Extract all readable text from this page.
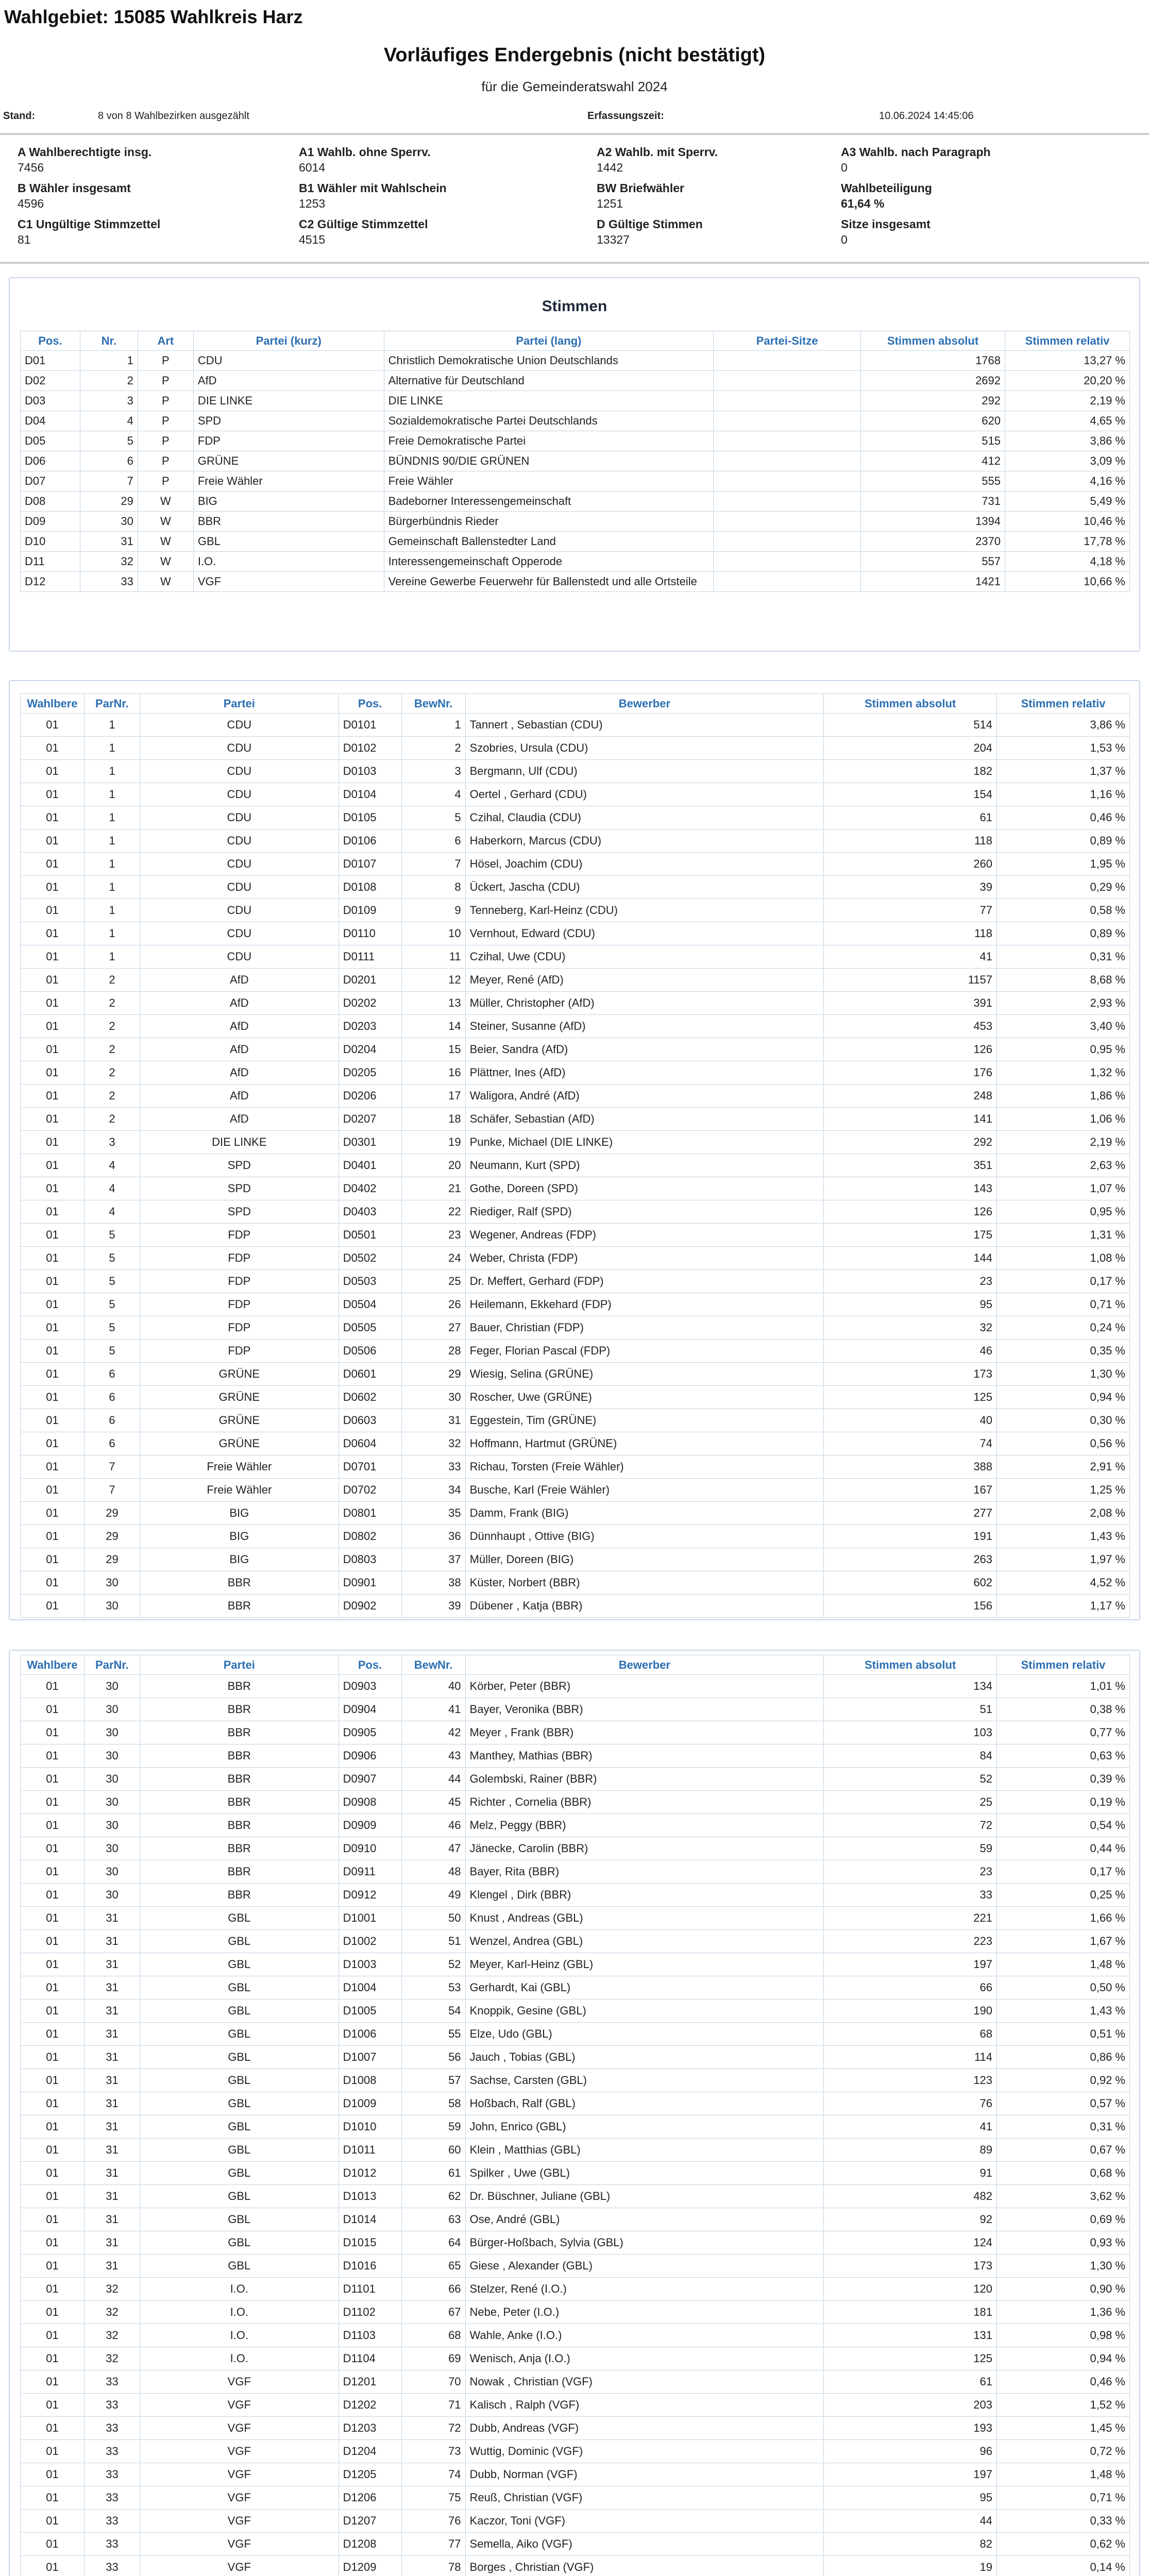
Wahlgebiet: 15085 Wahlkreis Harz
Vorläufiges Endergebnis (nicht bestätigt)
für die Gemeinderatswahl 2024
Stand:	8 von 8 Wahlbezirken ausgezählt	Erfassungszeit:	10.06.2024 14:45:06
A Wahlberechtigte insg.
7456
A1 Wahlb. ohne Sperrv.
6014
A2 Wahlb. mit Sperrv.
1442
A3 Wahlb. nach Paragraph
0
B Wähler insgesamt
4596
B1 Wähler mit Wahlschein
1253
BW Briefwähler
1251
Wahlbeteiligung
61,64 %
C1 Ungültige Stimmzettel
81
C2 Gültige Stimmzettel
4515
D Gültige Stimmen
13327
Sitze insgesamt
0
Stimmen
Pos.	Nr.	Art	Partei (kurz)	Partei (lang)	Partei-Sitze	Stimmen absolut	Stimmen relativ
D01	1	P	CDU	Christlich Demokratische Union Deutschlands		1768	13,27 %
D02	2	P	AfD	Alternative für Deutschland		2692	20,20 %
D03	3	P	DIE LINKE	DIE LINKE		292	2,19 %
D04	4	P	SPD	Sozialdemokratische Partei Deutschlands		620	4,65 %
D05	5	P	FDP	Freie Demokratische Partei		515	3,86 %
D06	6	P	GRÜNE	BÜNDNIS 90/DIE GRÜNEN		412	3,09 %
D07	7	P	Freie Wähler	Freie Wähler		555	4,16 %
D08	29	W	BIG	Badeborner Interessengemeinschaft		731	5,49 %
D09	30	W	BBR	Bürgerbündnis Rieder		1394	10,46 %
D10	31	W	GBL	Gemeinschaft Ballenstedter Land		2370	17,78 %
D11	32	W	I.O.	Interessengemeinschaft Opperode		557	4,18 %
D12	33	W	VGF	Vereine Gewerbe Feuerwehr für Ballenstedt und alle Ortsteile		1421	10,66 %
Wahlbere	ParNr.	Partei	Pos.	BewNr.	Bewerber	Stimmen absolut	Stimmen relativ
01	1	CDU	D0101	1	Tannert , Sebastian (CDU)	514	3,86 %
01	1	CDU	D0102	2	Szobries, Ursula (CDU)	204	1,53 %
01	1	CDU	D0103	3	Bergmann, Ulf (CDU)	182	1,37 %
01	1	CDU	D0104	4	Oertel , Gerhard (CDU)	154	1,16 %
01	1	CDU	D0105	5	Czihal, Claudia (CDU)	61	0,46 %
01	1	CDU	D0106	6	Haberkorn, Marcus (CDU)	118	0,89 %
01	1	CDU	D0107	7	Hösel, Joachim (CDU)	260	1,95 %
01	1	CDU	D0108	8	Ückert, Jascha (CDU)	39	0,29 %
01	1	CDU	D0109	9	Tenneberg, Karl-Heinz (CDU)	77	0,58 %
01	1	CDU	D0110	10	Vernhout, Edward (CDU)	118	0,89 %
01	1	CDU	D0111	11	Czihal, Uwe (CDU)	41	0,31 %
01	2	AfD	D0201	12	Meyer, René (AfD)	1157	8,68 %
01	2	AfD	D0202	13	Müller, Christopher (AfD)	391	2,93 %
01	2	AfD	D0203	14	Steiner, Susanne (AfD)	453	3,40 %
01	2	AfD	D0204	15	Beier, Sandra (AfD)	126	0,95 %
01	2	AfD	D0205	16	Plättner, Ines (AfD)	176	1,32 %
01	2	AfD	D0206	17	Waligora, André (AfD)	248	1,86 %
01	2	AfD	D0207	18	Schäfer, Sebastian (AfD)	141	1,06 %
01	3	DIE LINKE	D0301	19	Punke, Michael (DIE LINKE)	292	2,19 %
01	4	SPD	D0401	20	Neumann, Kurt (SPD)	351	2,63 %
01	4	SPD	D0402	21	Gothe, Doreen (SPD)	143	1,07 %
01	4	SPD	D0403	22	Riediger, Ralf (SPD)	126	0,95 %
01	5	FDP	D0501	23	Wegener, Andreas (FDP)	175	1,31 %
01	5	FDP	D0502	24	Weber, Christa (FDP)	144	1,08 %
01	5	FDP	D0503	25	Dr. Meffert, Gerhard (FDP)	23	0,17 %
01	5	FDP	D0504	26	Heilemann, Ekkehard (FDP)	95	0,71 %
01	5	FDP	D0505	27	Bauer, Christian (FDP)	32	0,24 %
01	5	FDP	D0506	28	Feger, Florian Pascal (FDP)	46	0,35 %
01	6	GRÜNE	D0601	29	Wiesig, Selina (GRÜNE)	173	1,30 %
01	6	GRÜNE	D0602	30	Roscher, Uwe (GRÜNE)	125	0,94 %
01	6	GRÜNE	D0603	31	Eggestein, Tim (GRÜNE)	40	0,30 %
01	6	GRÜNE	D0604	32	Hoffmann, Hartmut (GRÜNE)	74	0,56 %
01	7	Freie Wähler	D0701	33	Richau, Torsten (Freie Wähler)	388	2,91 %
01	7	Freie Wähler	D0702	34	Busche, Karl (Freie Wähler)	167	1,25 %
01	29	BIG	D0801	35	Damm, Frank (BIG)	277	2,08 %
01	29	BIG	D0802	36	Dünnhaupt , Ottive (BIG)	191	1,43 %
01	29	BIG	D0803	37	Müller, Doreen (BIG)	263	1,97 %
01	30	BBR	D0901	38	Küster, Norbert (BBR)	602	4,52 %
01	30	BBR	D0902	39	Dübener , Katja (BBR)	156	1,17 %
Wahlbere	ParNr.	Partei	Pos.	BewNr.	Bewerber	Stimmen absolut	Stimmen relativ
01	30	BBR	D0903	40	Körber, Peter (BBR)	134	1,01 %
01	30	BBR	D0904	41	Bayer, Veronika (BBR)	51	0,38 %
01	30	BBR	D0905	42	Meyer , Frank (BBR)	103	0,77 %
01	30	BBR	D0906	43	Manthey, Mathias (BBR)	84	0,63 %
01	30	BBR	D0907	44	Golembski, Rainer (BBR)	52	0,39 %
01	30	BBR	D0908	45	Richter , Cornelia (BBR)	25	0,19 %
01	30	BBR	D0909	46	Melz, Peggy (BBR)	72	0,54 %
01	30	BBR	D0910	47	Jänecke, Carolin (BBR)	59	0,44 %
01	30	BBR	D0911	48	Bayer, Rita (BBR)	23	0,17 %
01	30	BBR	D0912	49	Klengel , Dirk (BBR)	33	0,25 %
01	31	GBL	D1001	50	Knust , Andreas (GBL)	221	1,66 %
01	31	GBL	D1002	51	Wenzel, Andrea (GBL)	223	1,67 %
01	31	GBL	D1003	52	Meyer, Karl-Heinz (GBL)	197	1,48 %
01	31	GBL	D1004	53	Gerhardt, Kai (GBL)	66	0,50 %
01	31	GBL	D1005	54	Knoppik, Gesine (GBL)	190	1,43 %
01	31	GBL	D1006	55	Elze, Udo (GBL)	68	0,51 %
01	31	GBL	D1007	56	Jauch , Tobias (GBL)	114	0,86 %
01	31	GBL	D1008	57	Sachse, Carsten (GBL)	123	0,92 %
01	31	GBL	D1009	58	Hoßbach, Ralf (GBL)	76	0,57 %
01	31	GBL	D1010	59	John, Enrico (GBL)	41	0,31 %
01	31	GBL	D1011	60	Klein , Matthias (GBL)	89	0,67 %
01	31	GBL	D1012	61	Spilker , Uwe (GBL)	91	0,68 %
01	31	GBL	D1013	62	Dr. Büschner, Juliane (GBL)	482	3,62 %
01	31	GBL	D1014	63	Ose, André (GBL)	92	0,69 %
01	31	GBL	D1015	64	Bürger-Hoßbach, Sylvia (GBL)	124	0,93 %
01	31	GBL	D1016	65	Giese , Alexander (GBL)	173	1,30 %
01	32	I.O.	D1101	66	Stelzer, René (I.O.)	120	0,90 %
01	32	I.O.	D1102	67	Nebe, Peter (I.O.)	181	1,36 %
01	32	I.O.	D1103	68	Wahle, Anke (I.O.)	131	0,98 %
01	32	I.O.	D1104	69	Wenisch, Anja (I.O.)	125	0,94 %
01	33	VGF	D1201	70	Nowak , Christian (VGF)	61	0,46 %
01	33	VGF	D1202	71	Kalisch , Ralph (VGF)	203	1,52 %
01	33	VGF	D1203	72	Dubb, Andreas (VGF)	193	1,45 %
01	33	VGF	D1204	73	Wuttig, Dominic (VGF)	96	0,72 %
01	33	VGF	D1205	74	Dubb, Norman (VGF)	197	1,48 %
01	33	VGF	D1206	75	Reuß, Christian (VGF)	95	0,71 %
01	33	VGF	D1207	76	Kaczor, Toni (VGF)	44	0,33 %
01	33	VGF	D1208	77	Semella, Aiko (VGF)	82	0,62 %
01	33	VGF	D1209	78	Borges , Christian (VGF)	19	0,14 %
